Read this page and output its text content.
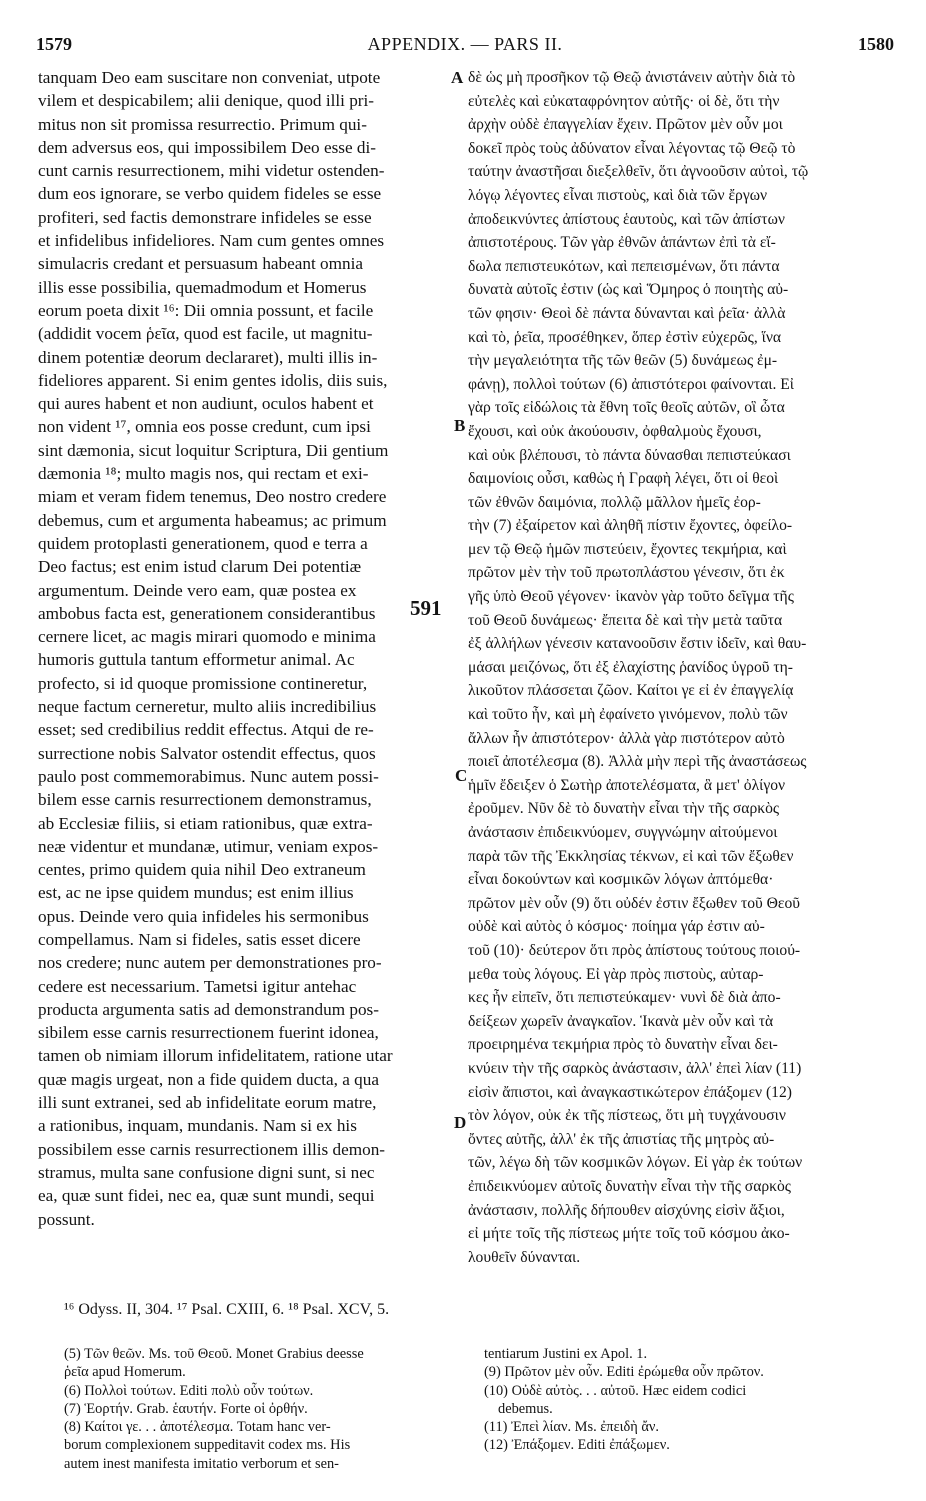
1579	APPENDIX. — PARS II.	1580
tanquam Deo eam suscitare non conveniat, utpote
vilem et despicabilem; alii denique, quod illi pri-
mitus non sit promissa resurrectio. Primum qui-
dem adversus eos, qui impossibilem Deo esse di-
cunt carnis resurrectionem, mihi videtur ostenden-
dum eos ignorare, se verbo quidem fideles se esse
profiteri, sed factis demonstrare infideles se esse
et infidelibus infideliores. Nam cum gentes omnes
simulacris credant et persuasum habeant omnia
illis esse possibilia, quemadmodum et Homerus
eorum poeta dixit ¹⁶: Dii omnia possunt, et facile
(addidit vocem ῥεῖα, quod est facile, ut magnitu-
dinem potentiæ deorum declararet), multi illis in-
fideliores apparent. Si enim gentes idolis, diis suis,
qui aures habent et non audiunt, oculos habent et
non vident ¹⁷, omnia eos posse credunt, cum ipsi
sint dæmonia, sicut loquitur Scriptura, Dii gentium
dæmonia ¹⁸; multo magis nos, qui rectam et exi-
miam et veram fidem tenemus, Deo nostro credere
debemus, cum et argumenta habeamus; ac primum
quidem protoplasti generationem, quod e terra a
Deo factus; est enim istud clarum Dei potentiæ
argumentum. Deinde vero eam, quæ postea ex
ambobus facta est, generationem considerantibus
cernere licet, ac magis mirari quomodo e minima
humoris guttula tantum efformetur animal. Ac
profecto, si id quoque promissione contineretur,
neque factum cerneretur, multo aliis incredibilius
esset; sed credibilius reddit effectus. Atqui de re-
surrectione nobis Salvator ostendit effectus, quos
paulo post commemorabimus. Nunc autem possi-
bilem esse carnis resurrectionem demonstramus,
ab Ecclesiæ filiis, si etiam rationibus, quæ extra-
neæ videntur et mundanæ, utimur, veniam expos-
centes, primo quidem quia nihil Deo extraneum
est, ac ne ipse quidem mundus; est enim illius
opus. Deinde vero quia infideles his sermonibus
compellamus. Nam si fideles, satis esset dicere
nos credere; nunc autem per demonstrationes pro-
cedere est necessarium. Tametsi igitur antehac
producta argumenta satis ad demonstrandum pos-
sibilem esse carnis resurrectionem fuerint idonea,
tamen ob nimiam illorum infidelitatem, ratione utar
quæ magis urgeat, non a fide quidem ducta, a qua
illi sunt extranei, sed ab infidelitate eorum matre,
a rationibus, inquam, mundanis. Nam si ex his
possibilem esse carnis resurrectionem illis demon-
stramus, multa sane confusione digni sunt, si nec
ea, quæ sunt fidei, nec ea, quæ sunt mundi, sequi
possunt.
δὲ ὡς μὴ προσῆκον τῷ Θεῷ ἀνιστάνειν αὐτὴν διὰ τὸ
εὐτελὲς καὶ εὐκαταφρόνητον αὐτῆς· οἱ δὲ, ὅτι τὴν
ἀρχὴν οὐδὲ ἐπαγγελίαν ἔχειν. Πρῶτον μὲν οὖν μοι
δοκεῖ πρὸς τοὺς ἀδύνατον εἶναι λέγοντας τῷ Θεῷ τὸ
ταύτην ἀναστῆσαι διεξελθεῖν, ὅτι ἀγνοοῦσιν αὐτοὶ, τῷ
λόγῳ λέγοντες εἶναι πιστοὺς, καὶ διὰ τῶν ἔργων
ἀποδεικνύντες ἀπίστους ἑαυτοὺς, καὶ τῶν ἀπίστων
ἀπιστοτέρους. Τῶν γὰρ ἐθνῶν ἁπάντων ἐπὶ τὰ εἴ-
δωλα πεπιστευκότων, καὶ πεπεισμένων, ὅτι πάντα
δυνατὰ αὐτοῖς ἐστιν (ὡς καὶ Ὅμηρος ὁ ποιητὴς αὐ-
τῶν φησιν· Θεοὶ δὲ πάντα δύνανται καὶ ῥεῖα· ἀλλὰ
καὶ τὸ, ῥεῖα, προσέθηκεν, ὅπερ ἐστὶν εὐχερῶς, ἵνα
τὴν μεγαλειότητα τῆς τῶν θεῶν (5) δυνάμεως ἐμ-
φάνῃ), πολλοὶ τούτων (6) ἀπιστότεροι φαίνονται. Εἰ
γὰρ τοῖς εἰδώλοις τὰ ἔθνη τοῖς θεοῖς αὐτῶν, οἳ ὦτα
ἔχουσι, καὶ οὐκ ἀκούουσιν, ὀφθαλμοὺς ἔχουσι,
καὶ οὐκ βλέπουσι, τὸ πάντα δύνασθαι πεπιστεύκασι
δαιμονίοις οὖσι, καθὼς ἡ Γραφὴ λέγει, ὅτι οἱ θεοὶ
τῶν ἐθνῶν δαιμόνια, πολλῷ μᾶλλον ἡμεῖς ἐορ-
τὴν (7) ἐξαίρετον καὶ ἀληθῆ πίστιν ἔχοντες, ὀφείλο-
μεν τῷ Θεῷ ἡμῶν πιστεύειν, ἔχοντες τεκμήρια, καὶ
πρῶτον μὲν τὴν τοῦ πρωτοπλάστου γένεσιν, ὅτι ἐκ
γῆς ὑπὸ Θεοῦ γέγονεν· ἱκανὸν γὰρ τοῦτο δεῖγμα τῆς
τοῦ Θεοῦ δυνάμεως· ἔπειτα δὲ καὶ τὴν μετὰ ταῦτα
ἐξ ἀλλήλων γένεσιν κατανοοῦσιν ἔστιν ἰδεῖν, καὶ θαυ-
μάσαι μειζόνως, ὅτι ἐξ ἐλαχίστης ῥανίδος ὑγροῦ τη-
λικοῦτον πλάσσεται ζῶον. Καίτοι γε εἰ ἐν ἐπαγγελίᾳ
καὶ τοῦτο ἦν, καὶ μὴ ἐφαίνετο γινόμενον, πολὺ τῶν
ἄλλων ἦν ἀπιστότερον· ἀλλὰ γὰρ πιστότερον αὐτὸ
ποιεῖ ἀποτέλεσμα (8). Ἀλλὰ μὴν περὶ τῆς ἀναστάσεως
ἡμῖν ἔδειξεν ὁ Σωτὴρ ἀποτελέσματα, ἃ μετ' ὀλίγον
ἐροῦμεν. Νῦν δὲ τὸ δυνατὴν εἶναι τὴν τῆς σαρκὸς
ἀνάστασιν ἐπιδεικνύομεν, συγγνώμην αἰτούμενοι
παρὰ τῶν τῆς Ἐκκλησίας τέκνων, εἰ καὶ τῶν ἔξωθεν
εἶναι δοκούντων καὶ κοσμικῶν λόγων ἀπτόμεθα·
πρῶτον μὲν οὖν (9) ὅτι οὐδέν ἐστιν ἔξωθεν τοῦ Θεοῦ
οὐδὲ καὶ αὐτὸς ὁ κόσμος· ποίημα γάρ ἐστιν αὐ-
τοῦ (10)· δεύτερον ὅτι πρὸς ἀπίστους τούτους ποιού-
μεθα τοὺς λόγους. Εἰ γὰρ πρὸς πιστοὺς, αὐταρ-
κες ἦν εἰπεῖν, ὅτι πεπιστεύκαμεν· νυνὶ δὲ διὰ ἀπο-
δείξεων χωρεῖν ἀναγκαῖον. Ἱκανὰ μὲν οὖν καὶ τὰ
προειρημένα τεκμήρια πρὸς τὸ δυνατὴν εἶναι δει-
κνύειν τὴν τῆς σαρκὸς ἀνάστασιν, ἀλλ' ἐπεὶ λίαν (11)
εἰσὶν ἄπιστοι, καὶ ἀναγκαστικώτερον ἐπάξομεν (12)
τὸν λόγον, οὐκ ἐκ τῆς πίστεως, ὅτι μὴ τυγχάνουσιν
ὄντες αὐτῆς, ἀλλ' ἐκ τῆς ἀπιστίας τῆς μητρὸς αὐ-
τῶν, λέγω δὴ τῶν κοσμικῶν λόγων. Εἰ γὰρ ἐκ τούτων
ἐπιδεικνύομεν αὐτοῖς δυνατὴν εἶναι τὴν τῆς σαρκὸς
ἀνάστασιν, πολλῆς δήπουθεν αἰσχύνης εἰσὶν ἄξιοι,
εἰ μήτε τοῖς τῆς πίστεως μήτε τοῖς τοῦ κόσμου ἀκο-
λουθεῖν δύνανται.
A
B
C
D
591
¹⁶ Odyss. II, 304. ¹⁷ Psal. CXIII, 6. ¹⁸ Psal. XCV, 5.
(5) Τῶν θεῶν. Ms. τοῦ Θεοῦ. Monet Grabius deesse
ῥεῖα apud Homerum.
(6) Πολλοὶ τούτων. Editi πολὺ οὖν τούτων.
(7) Ἑορτήν. Grab. ἑαυτήν. Forte οἱ ὀρθήν.
(8) Καίτοι γε. . . ἀποτέλεσμα. Totam hanc ver-
borum complexionem suppeditavit codex ms. His
autem inest manifesta imitatio verborum et sen-
tentiarum Justini ex Apol. 1.
(9) Πρῶτον μὲν οὖν. Editi ἐρώμεθα οὖν πρῶτον.
(10) Οὐδὲ αὐτὸς. . . αὐτοῦ. Hæc eidem codici
debemus.
(11) Ἐπεὶ λίαν. Ms. ἐπειδὴ ἄν.
(12) Ἐπάξομεν. Editi ἐπάξωμεν.
